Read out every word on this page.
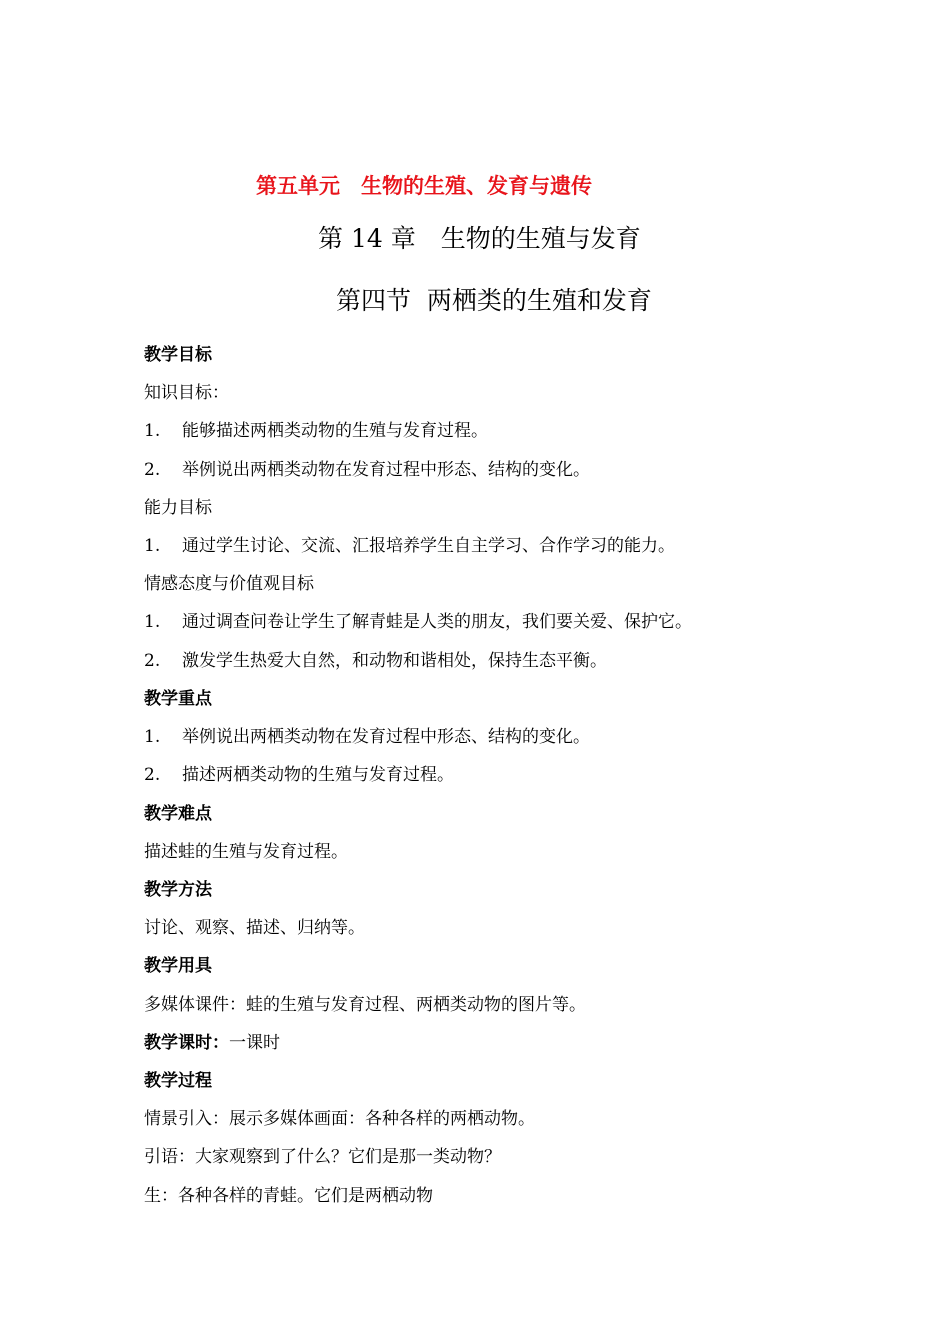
第五单元　生物的生殖、发育与遗传
第 14 章　生物的生殖与发育
第四节  两栖类的生殖和发育
教学目标
知识目标：
1. 能够描述两栖类动物的生殖与发育过程。
2. 举例说出两栖类动物在发育过程中形态、结构的变化。
能力目标
1. 通过学生讨论、交流、汇报培养学生自主学习、合作学习的能力。
情感态度与价值观目标
1. 通过调查问卷让学生了解青蛙是人类的朋友，我们要关爱、保护它。
2. 激发学生热爱大自然，和动物和谐相处，保持生态平衡。
教学重点
1. 举例说出两栖类动物在发育过程中形态、结构的变化。
2. 描述两栖类动物的生殖与发育过程。
教学难点
描述蛙的生殖与发育过程。
教学方法
讨论、观察、描述、归纳等。
教学用具
多媒体课件：蛙的生殖与发育过程、两栖类动物的图片等。
教学课时：一课时
教学过程
情景引入：展示多媒体画面：各种各样的两栖动物。
引语：大家观察到了什么？它们是那一类动物？
生：各种各样的青蛙。它们是两栖动物
